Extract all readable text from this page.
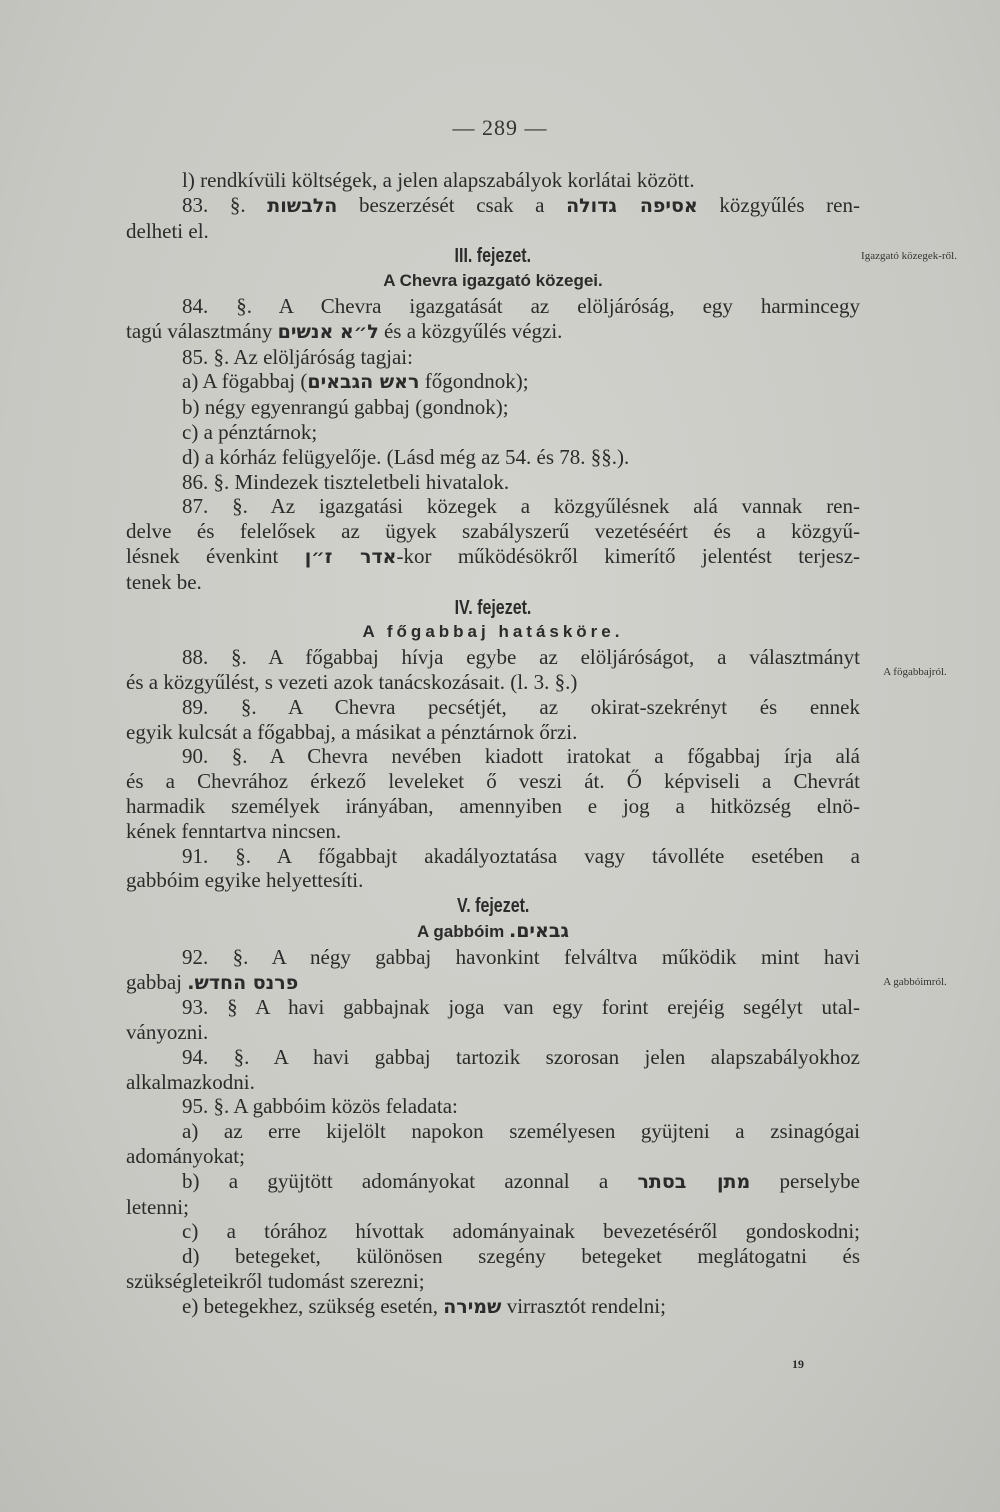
— 289 —
Igazgató közegek-ről.
A fögabbajról.
A gabbóimról.
l) rendkívüli költségek, a jelen alapszabályok korlátai között.
83. §. הלבשות beszerzését csak a אסיפה גדולה közgyűlés ren-
delheti el.
III. fejezet.
A Chevra igazgató közegei.
84. §. A Chevra igazgatását az elöljáróság, egy harmincegy
tagú választmány ל״א אנשים és a közgyűlés végzi.
85. §. Az elöljáróság tagjai:
a) A fögabbaj (ראש הגבאים főgondnok);
b) négy egyenrangú gabbaj (gondnok);
c) a pénztárnok;
d) a kórház felügyelője. (Lásd még az 54. és 78. §§.).
86. §. Mindezek tiszteletbeli hivatalok.
87. §. Az igazgatási közegek a közgyűlésnek alá vannak ren-
delve és felelősek az ügyek szabályszerű vezetéséért és a közgyű-
lésnek évenkint אדר ז״ן-kor működésökről kimerítő jelentést terjesz-
tenek be.
IV. fejezet.
A főgabbaj hatásköre.
88. §. A főgabbaj hívja egybe az elöljáróságot, a választmányt
és a közgyűlést, s vezeti azok tanácskozásait. (l. 3. §.)
89. §. A Chevra pecsétjét, az okirat-szekrényt és ennek
egyik kulcsát a főgabbaj, a másikat a pénztárnok őrzi.
90. §. A Chevra nevében kiadott iratokat a főgabbaj írja alá
és a Chevrához érkező leveleket ő veszi át. Ő képviseli a Chevrát
harmadik személyek irányában, amennyiben e jog a hitközség elnö-
kének fenntartva nincsen.
91. §. A főgabbajt akadályoztatása vagy távolléte esetében a
gabbóim egyike helyettesíti.
V. fejezet.
A gabbóim גבאים.
92. §. A négy gabbaj havonkint felváltva működik mint havi
gabbaj פרנס החדש.
93. § A havi gabbajnak joga van egy forint erejéig segélyt utal-
ványozni.
94. §. A havi gabbaj tartozik szorosan jelen alapszabályokhoz
alkalmazkodni.
95. §. A gabbóim közös feladata:
a) az erre kijelölt napokon személyesen gyüjteni a zsinagógai
adományokat;
b) a gyüjtött adományokat azonnal a מתן בסתר perselybe
letenni;
c) a tórához hívottak adományainak bevezetéséről gondoskodni;
d) betegeket, különösen szegény betegeket meglátogatni és
szükségleteikről tudomást szerezni;
e) betegekhez, szükség esetén, שמירה virrasztót rendelni;
19
